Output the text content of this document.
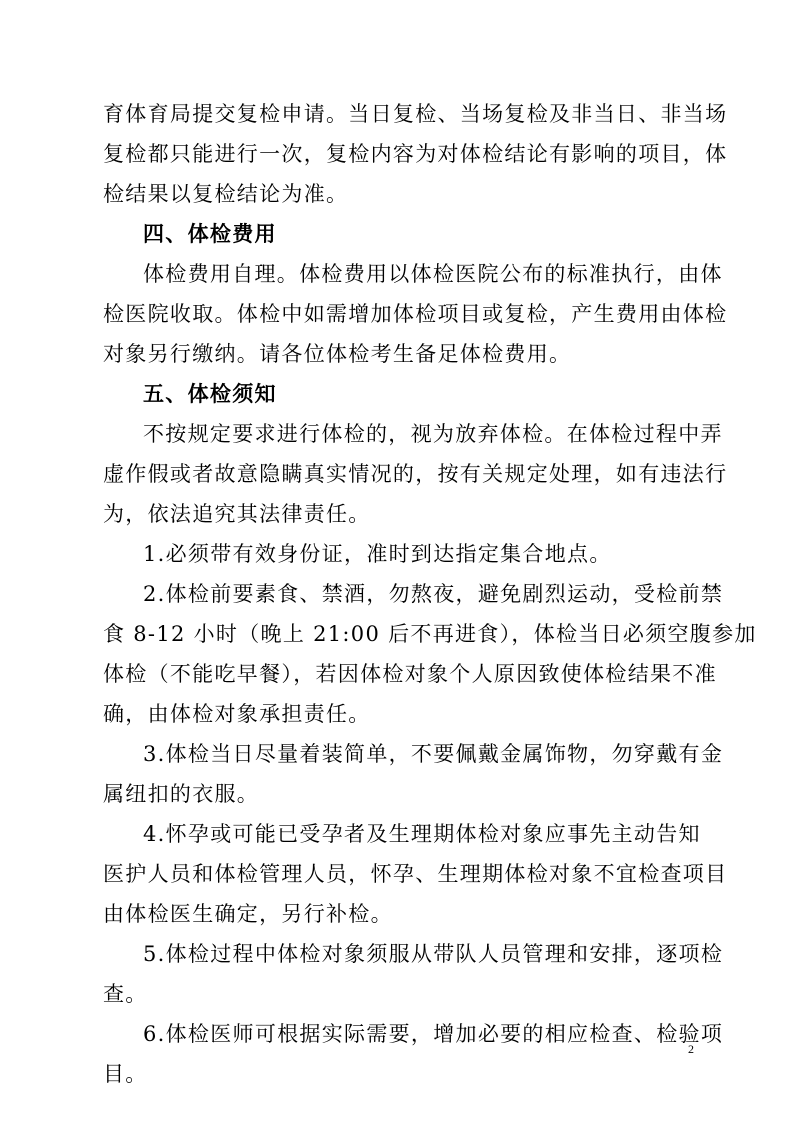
育体育局提交复检申请。当日复检、当场复检及非当日、非当场
复检都只能进行一次，复检内容为对体检结论有影响的项目，体
检结果以复检结论为准。
四、体检费用
体检费用自理。体检费用以体检医院公布的标准执行，由体
检医院收取。体检中如需增加体检项目或复检，产生费用由体检
对象另行缴纳。请各位体检考生备足体检费用。
五、体检须知
不按规定要求进行体检的，视为放弃体检。在体检过程中弄
虚作假或者故意隐瞒真实情况的，按有关规定处理，如有违法行
为，依法追究其法律责任。
1.必须带有效身份证，准时到达指定集合地点。
2.体检前要素食、禁酒，勿熬夜，避免剧烈运动，受检前禁
食 8-12 小时（晚上 21:00 后不再进食），体检当日必须空腹参加
体检（不能吃早餐），若因体检对象个人原因致使体检结果不准
确，由体检对象承担责任。
3.体检当日尽量着装简单，不要佩戴金属饰物，勿穿戴有金
属纽扣的衣服。
4.怀孕或可能已受孕者及生理期体检对象应事先主动告知
医护人员和体检管理人员，怀孕、生理期体检对象不宜检查项目
由体检医生确定，另行补检。
5.体检过程中体检对象须服从带队人员管理和安排，逐项检
查。
6.体检医师可根据实际需要，增加必要的相应检查、检验项
目。
2
